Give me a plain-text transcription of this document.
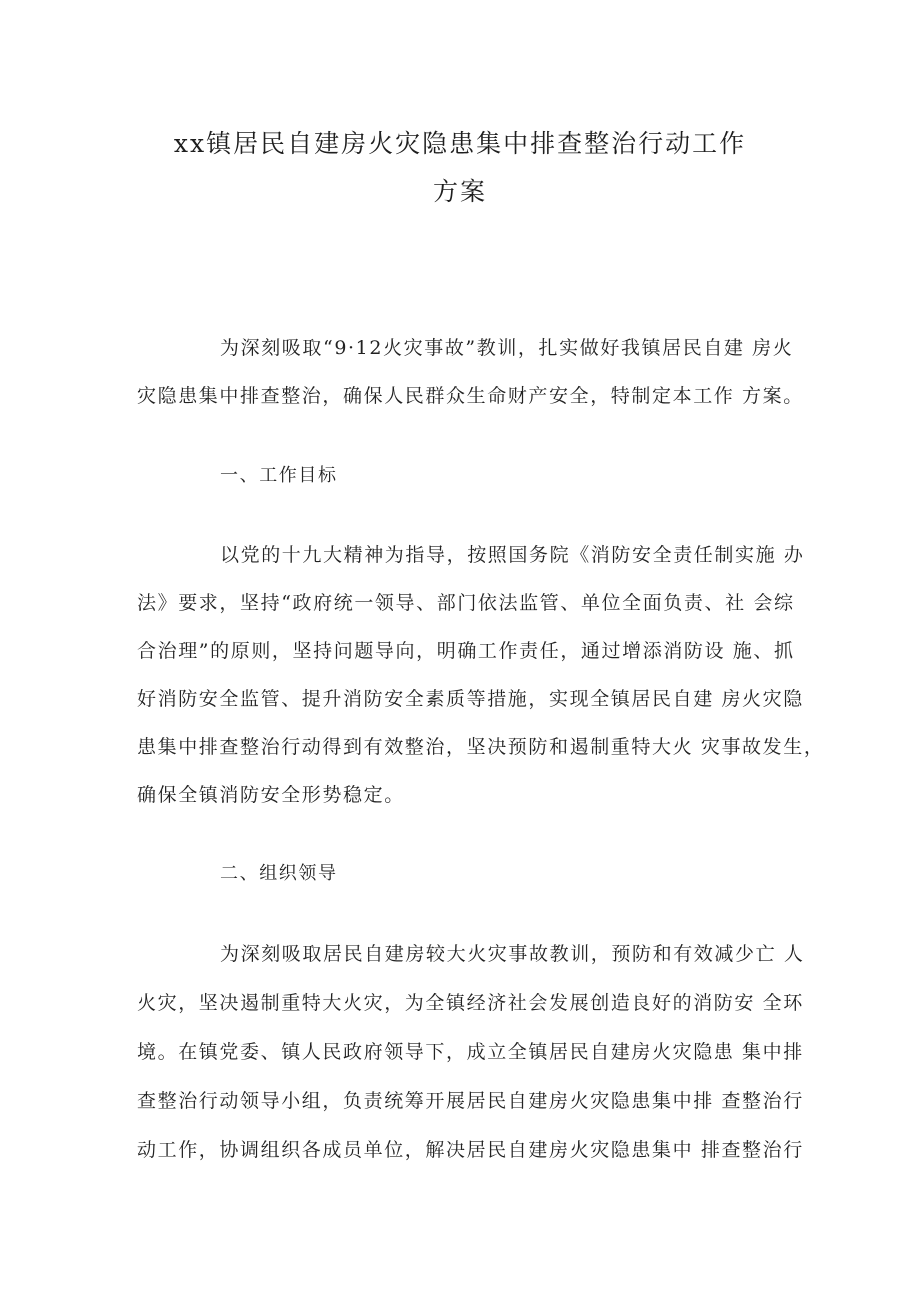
xx镇居民自建房火灾隐患集中排查整治行动工作
方案
为深刻吸取“9·12火灾事故”教训，扎实做好我镇居民自建 房火
灾隐患集中排查整治，确保人民群众生命财产安全，特制定本工作 方案。
一、工作目标
以党的十九大精神为指导，按照国务院《消防安全责任制实施 办
法》要求，坚持“政府统一领导、部门依法监管、单位全面负责、社 会综
合治理”的原则，坚持问题导向，明确工作责任，通过增添消防设 施、抓
好消防安全监管、提升消防安全素质等措施，实现全镇居民自建 房火灾隐
患集中排查整治行动得到有效整治，坚决预防和遏制重特大火 灾事故发生，
确保全镇消防安全形势稳定。
二、组织领导
为深刻吸取居民自建房较大火灾事故教训，预防和有效减少亡 人
火灾，坚决遏制重特大火灾，为全镇经济社会发展创造良好的消防安 全环
境。在镇党委、镇人民政府领导下，成立全镇居民自建房火灾隐患 集中排
查整治行动领导小组，负责统筹开展居民自建房火灾隐患集中排 查整治行
动工作，协调组织各成员单位，解决居民自建房火灾隐患集中 排查整治行
